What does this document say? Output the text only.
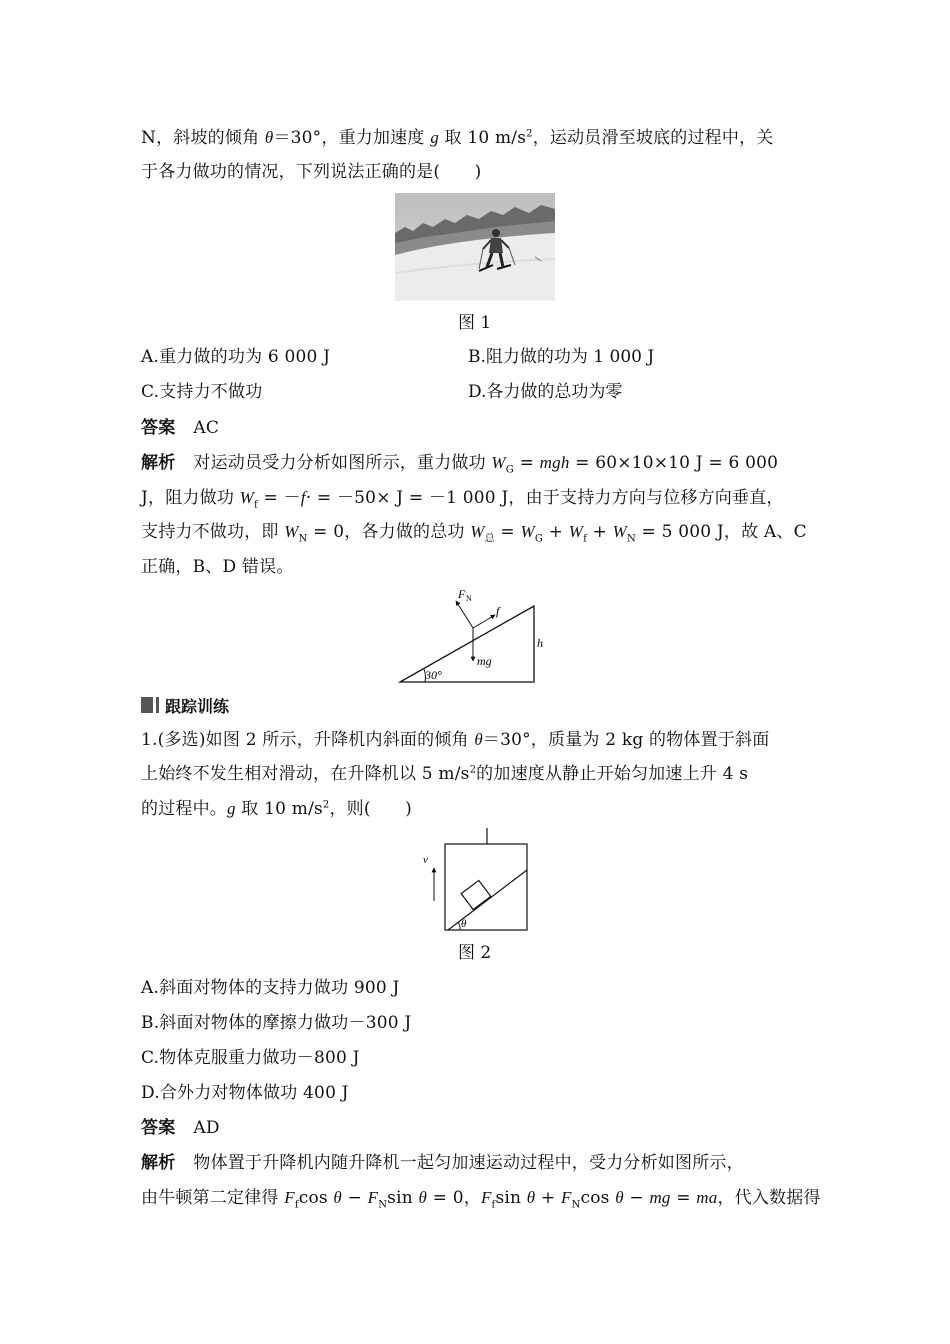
N，斜坡的倾角 θ＝30°，重力加速度 g 取 10 $m/s^2$，运动员滑至坡底的过程中，关
于各力做功的情况，下列说法正确的是(　　)
图 1
A.重力做的功为 6 000 J	B.阻力做的功为 1 000 J
C.支持力不做功	D.各力做的总功为零
答案 AC
解析 对运动员受力分析如图所示，重力做功 $W_G$ = mgh = 60×10×10 J = 6 000
J，阻力做功 $W_f = -f\cdot = -50\times J = -1$ 000 J，由于支持力方向与位移方向垂直，
支持力不做功，即 $W_N = 0$，各力做的总功 $W_总 = W_G + W_f + W_N = 5$ 000 J，故 A、C
正确，B、D 错误。
30°
F N
f
mg
h
跟踪训练
1.(多选)如图 2 所示，升降机内斜面的倾角 θ＝30°，质量为 2 kg 的物体置于斜面
上始终不发生相对滑动，在升降机以 5 $m/s^2$的加速度从静止开始匀加速上升 4 s
的过程中。g 取 10 $m/s^2$，则(　　)
θ
v
图 2
A.斜面对物体的支持力做功 900 J
B.斜面对物体的摩擦力做功－300 J
C.物体克服重力做功－800 J
D.合外力对物体做功 400 J
答案 AD
解析 物体置于升降机内随升降机一起匀加速运动过程中，受力分析如图所示，
由牛顿第二定律得 $F_f\cos$ $\theta - F_N\sin$ θ = 0，$F_f\sin$ $\theta + F_N\cos$ θ − mg = ma，代入数据得
